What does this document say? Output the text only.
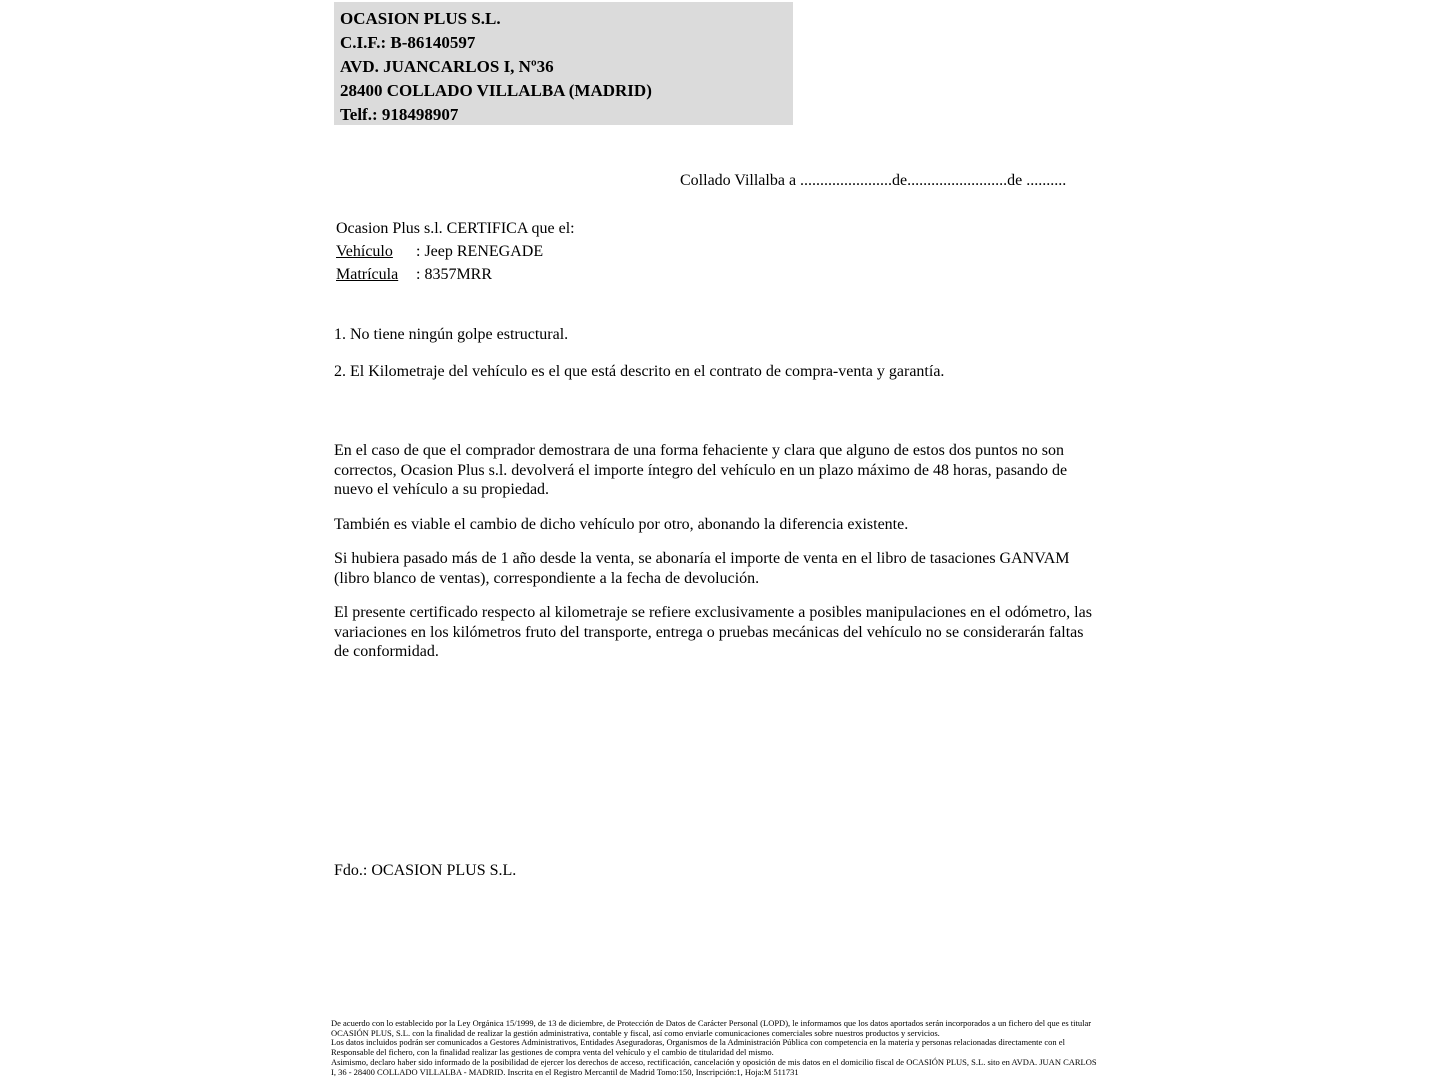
OCASION PLUS S.L.
C.I.F.: B-86140597
AVD. JUANCARLOS I, Nº36
28400 COLLADO VILLALBA (MADRID)
Telf.: 918498907
Collado Villalba a .......................de.........................de ..........
Ocasion Plus s.l. CERTIFICA que el:
Vehículo : Jeep RENEGADE
Matrícula : 8357MRR
1. No tiene ningún golpe estructural.
2. El Kilometraje del vehículo es el que está descrito en el contrato de compra-venta y garantía.

En el caso de que el comprador demostrara de una forma fehaciente y clara que alguno de estos dos puntos no son correctos, Ocasion Plus s.l. devolverá el importe íntegro del vehículo en un plazo máximo de 48 horas, pasando de nuevo el vehículo a su propiedad.

También es viable el cambio de dicho vehículo por otro, abonando la diferencia existente.

Si hubiera pasado más de 1 año desde la venta, se abonaría el importe de venta en el libro de tasaciones GANVAM (libro blanco de ventas), correspondiente a la fecha de devolución.

El presente certificado respecto al kilometraje se refiere exclusivamente a posibles manipulaciones en el odómetro, las variaciones en los kilómetros fruto del transporte, entrega o pruebas mecánicas del vehículo no se considerarán faltas de conformidad.

Fdo.: OCASION PLUS S.L.
De acuerdo con lo establecido por la Ley Orgánica 15/1999, de 13 de diciembre, de Protección de Datos de Carácter Personal (LOPD), le informamos que los datos aportados serán incorporados a un fichero del que es titular OCASIÓN PLUS, S.L. con la finalidad de realizar la gestión administrativa, contable y fiscal, así como enviarle comunicaciones comerciales sobre nuestros productos y servicios.
Los datos incluidos podrán ser comunicados a Gestores Administrativos, Entidades Aseguradoras, Organismos de la Administración Pública con competencia en la materia y personas relacionadas directamente con el Responsable del fichero, con la finalidad realizar las gestiones de compra venta del vehículo y el cambio de titularidad del mismo.
Asimismo, declaro haber sido informado de la posibilidad de ejercer los derechos de acceso, rectificación, cancelación y oposición de mis datos en el domicilio fiscal de OCASIÓN PLUS, S.L. sito en AVDA. JUAN CARLOS I, 36 - 28400 COLLADO VILLALBA - MADRID. Inscrita en el Registro Mercantil de Madrid Tomo:150, Inscripción:1, Hoja:M 511731
